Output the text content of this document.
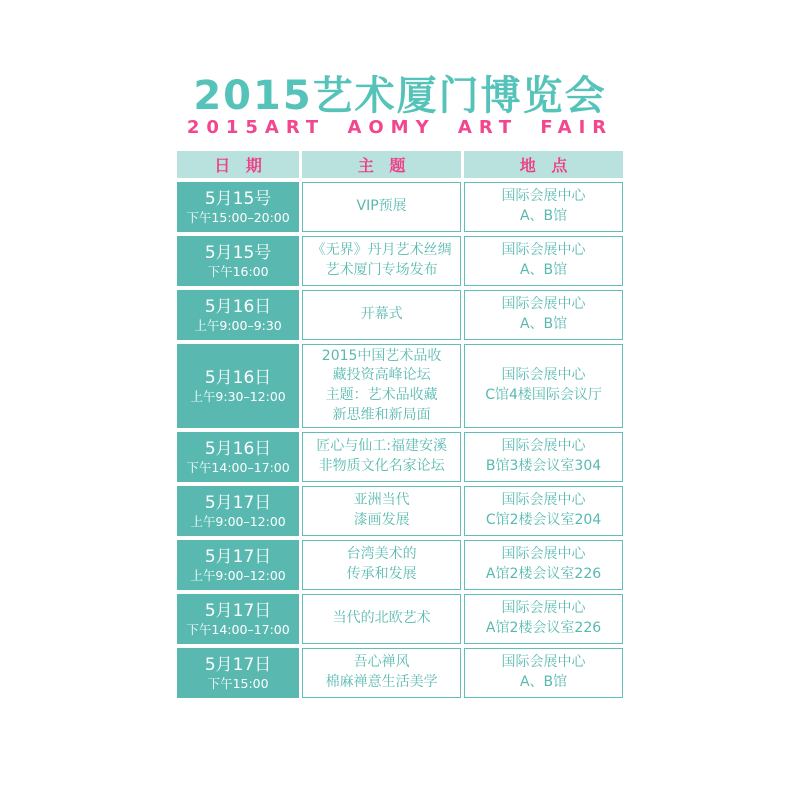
2015艺术厦门博览会
2015ART AOMY ART FAIR
日 期	主 题	地 点
5月15号
下午15:00–20:00
VIP预展
国际会展中心
A、B馆
5月15号
下午16:00
《无界》丹月艺术丝绸
艺术厦门专场发布
国际会展中心
A、B馆
5月16日
上午9:00–9:30
开幕式
国际会展中心
A、B馆
5月16日
上午9:30–12:00
2015中国艺术品收
藏投资高峰论坛
主题：艺术品收藏
新思维和新局面
国际会展中心
C馆4楼国际会议厅
5月16日
下午14:00–17:00
匠心与仙工:福建安溪
非物质文化名家论坛
国际会展中心
B馆3楼会议室304
5月17日
上午9:00–12:00
亚洲当代
漆画发展
国际会展中心
C馆2楼会议室204
5月17日
上午9:00–12:00
台湾美术的
传承和发展
国际会展中心
A馆2楼会议室226
5月17日
下午14:00–17:00
当代的北欧艺术
国际会展中心
A馆2楼会议室226
5月17日
下午15:00
吾心禅风
棉麻禅意生活美学
国际会展中心
A、B馆
